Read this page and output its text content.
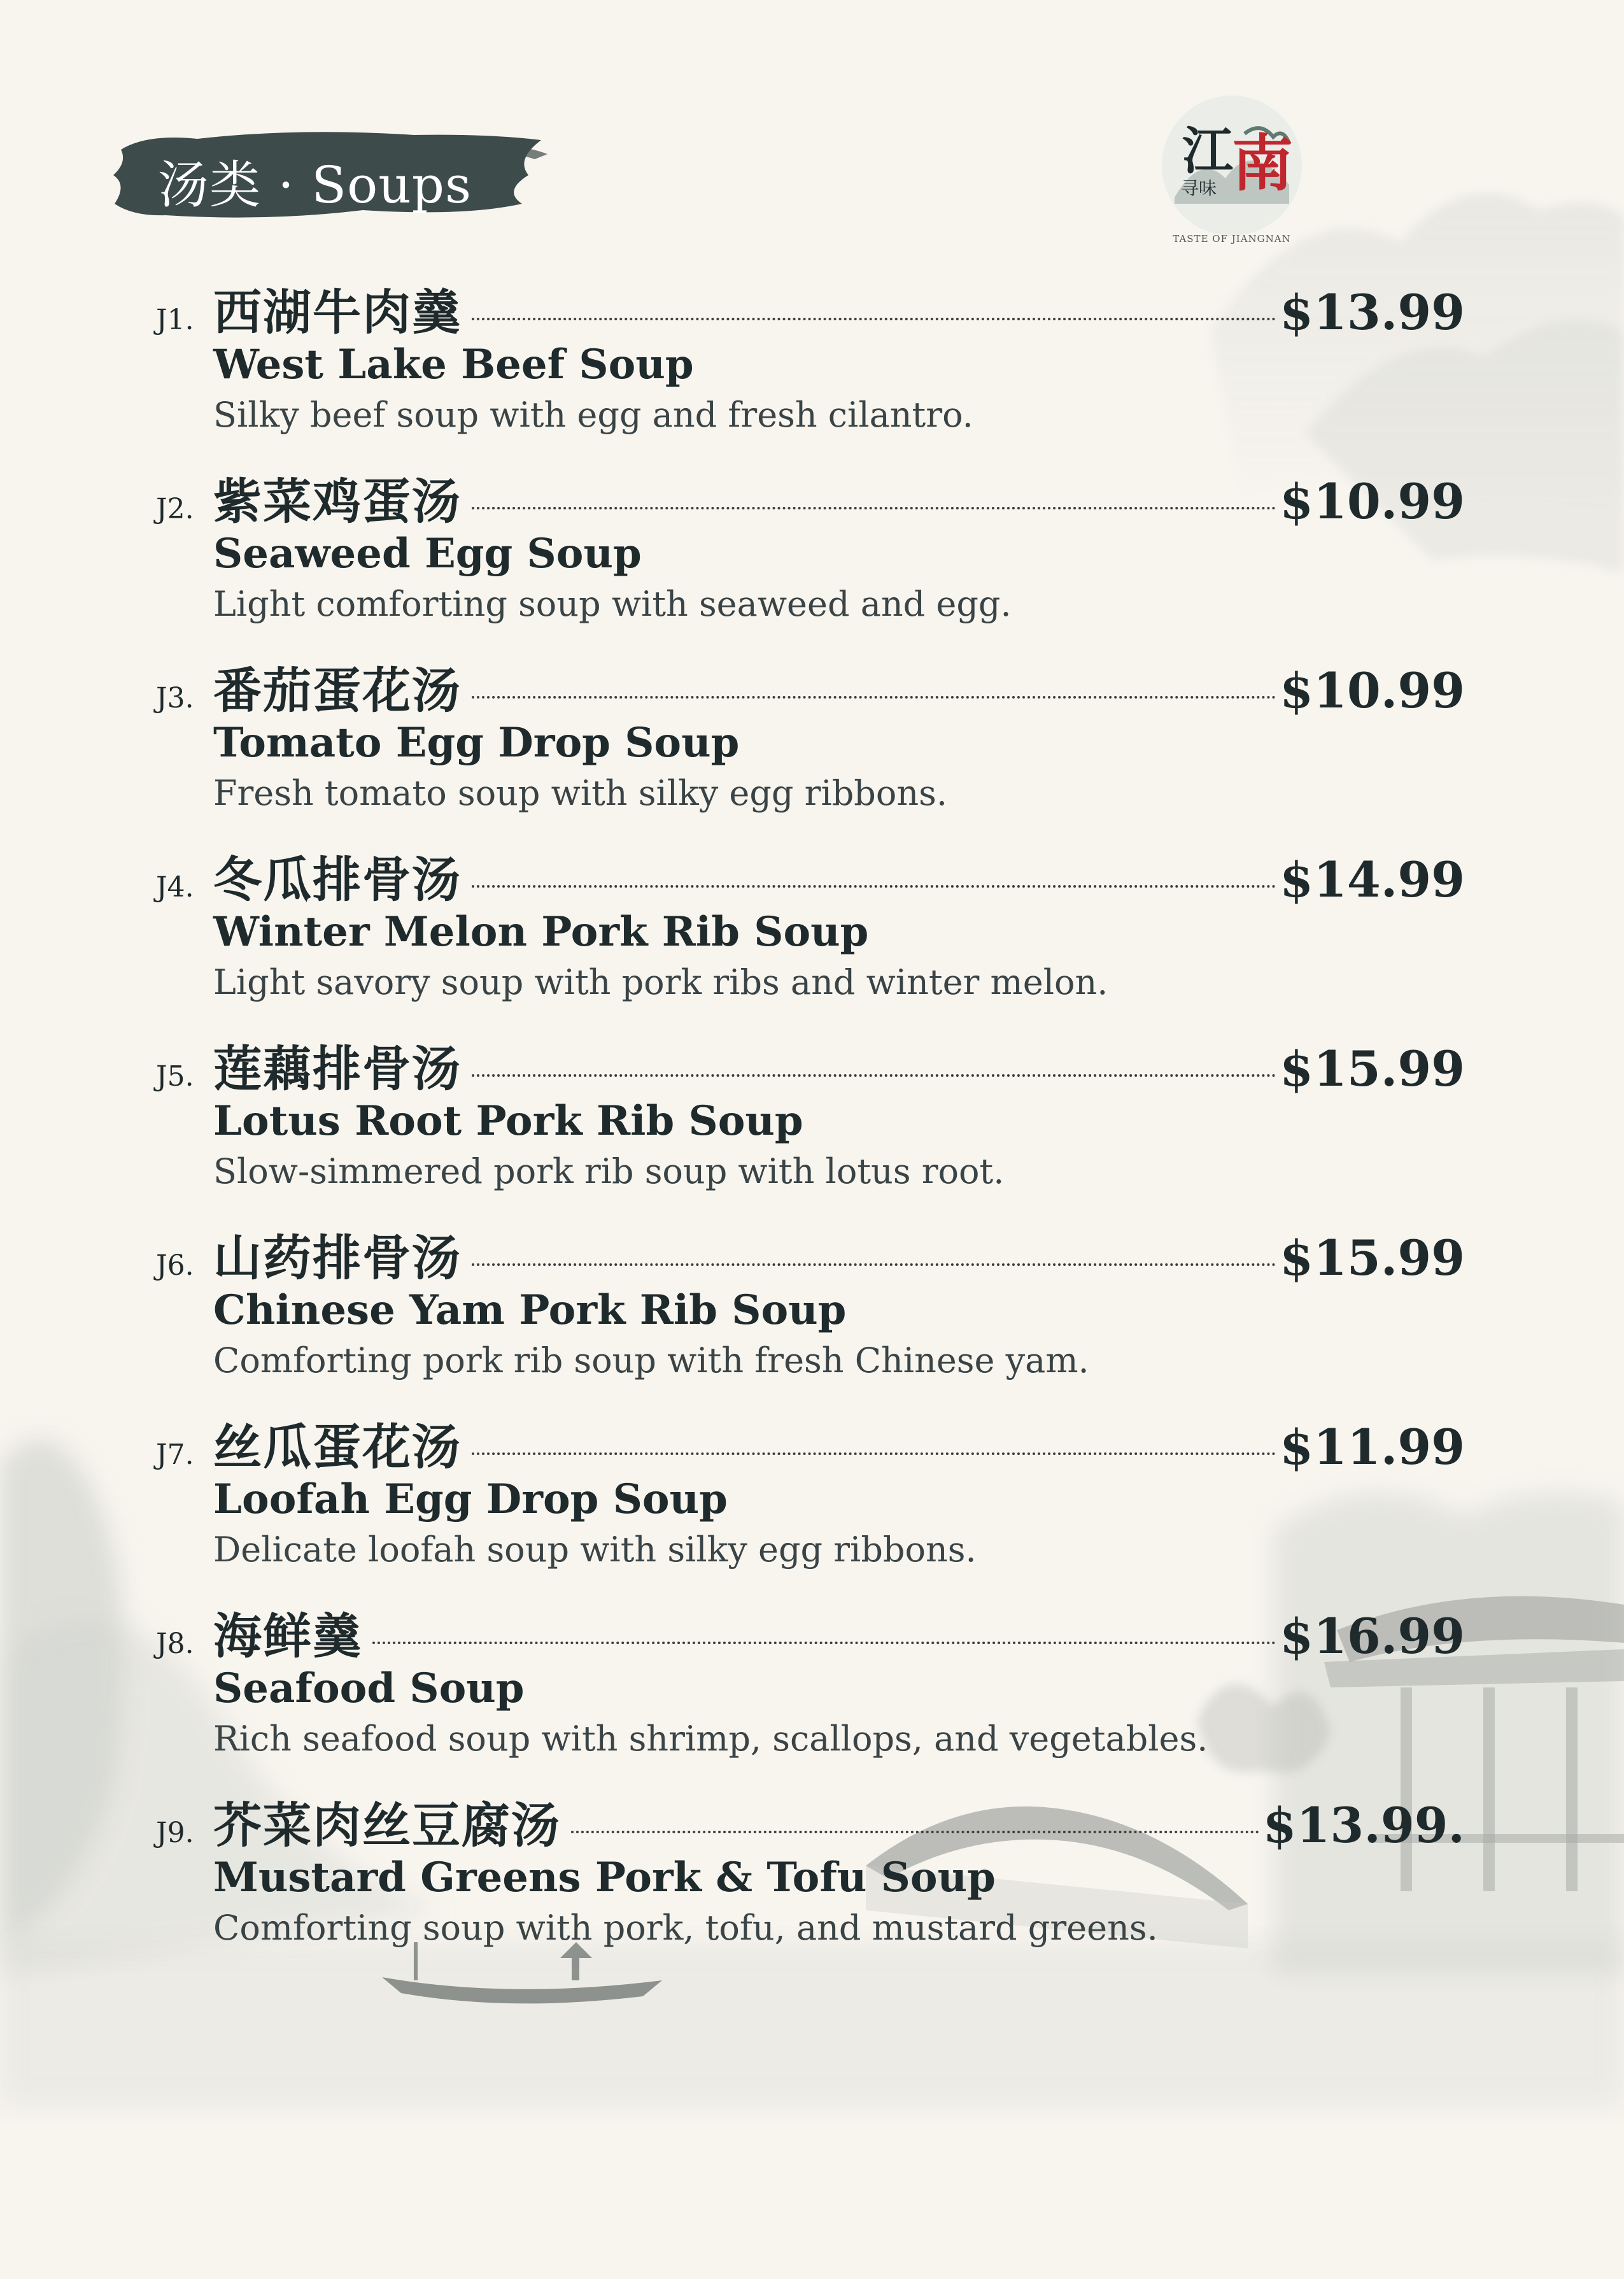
汤类 · Soups
江
南
寻味
TASTE OF JIANGNAN
J1. 西湖牛肉羹	$13.99
West Lake Beef Soup
Silky beef soup with egg and fresh cilantro.
J2. 紫菜鸡蛋汤	$10.99
Seaweed Egg Soup
Light comforting soup with seaweed and egg.
J3. 番茄蛋花汤	$10.99
Tomato Egg Drop Soup
Fresh tomato soup with silky egg ribbons.
J4. 冬瓜排骨汤	$14.99
Winter Melon Pork Rib Soup
Light savory soup with pork ribs and winter melon.
J5. 莲藕排骨汤	$15.99
Lotus Root Pork Rib Soup
Slow-simmered pork rib soup with lotus root.
J6. 山药排骨汤	$15.99
Chinese Yam Pork Rib Soup
Comforting pork rib soup with fresh Chinese yam.
J7. 丝瓜蛋花汤	$11.99
Loofah Egg Drop Soup
Delicate loofah soup with silky egg ribbons.
J8. 海鲜羹	$16.99
Seafood Soup
Rich seafood soup with shrimp, scallops, and vegetables.
J9. 芥菜肉丝豆腐汤	$13.99.
Mustard Greens Pork & Tofu Soup
Comforting soup with pork, tofu, and mustard greens.
